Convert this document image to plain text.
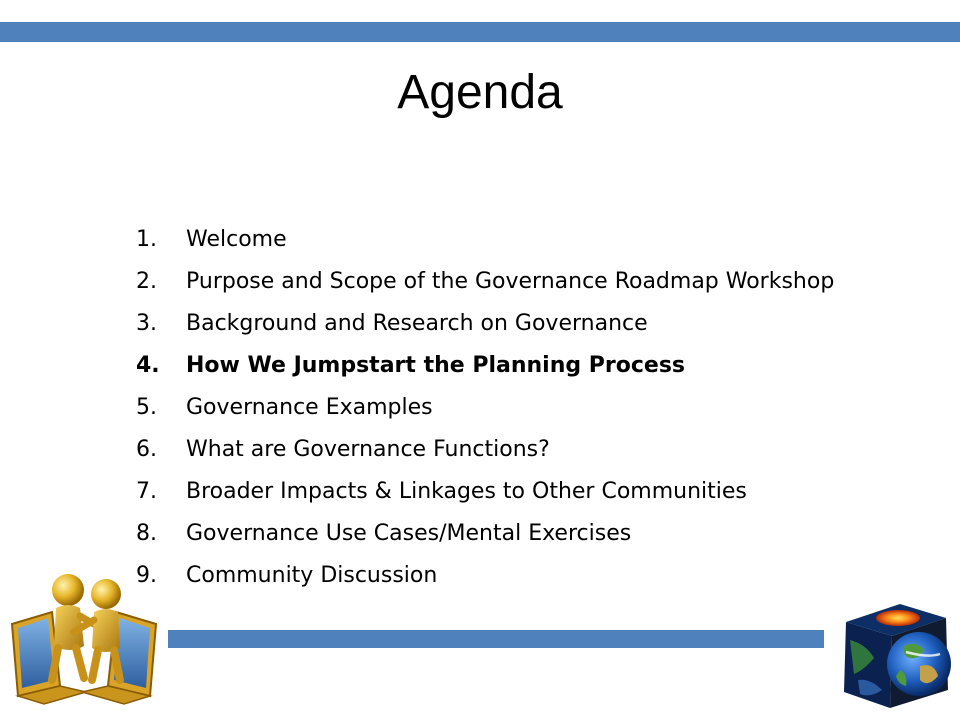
Agenda
1.	Welcome
2.	Purpose and Scope of the Governance Roadmap Workshop
3.	Background and Research on Governance
4.	How We Jumpstart the Planning Process
5.	Governance Examples
6.	What are Governance Functions?
7.	Broader Impacts & Linkages to Other Communities
8.	Governance Use Cases/Mental Exercises
9.	Community Discussion
